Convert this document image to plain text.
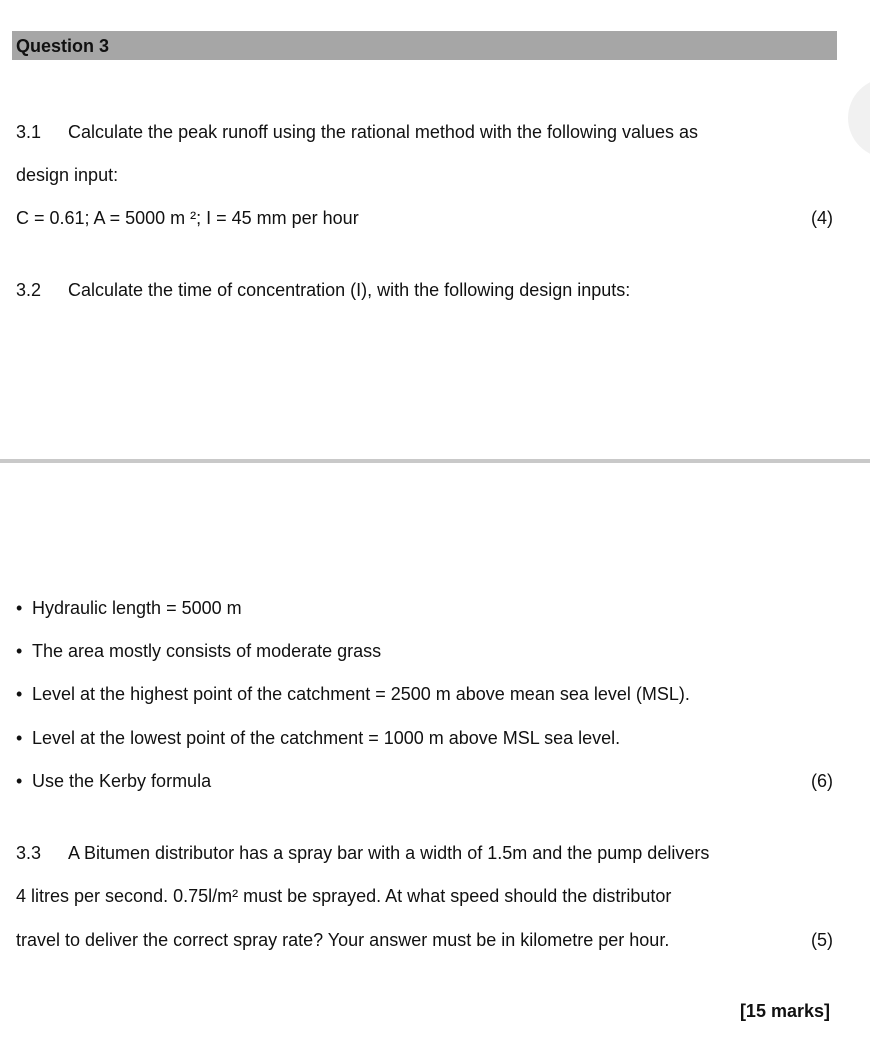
Question 3
3.1 Calculate the peak runoff using the rational method with the following values as
design input:
C = 0.61; A = 5000 m ²; I = 45 mm per hour	(4)
3.2 Calculate the time of concentration (I), with the following design inputs:
• Hydraulic length = 5000 m
• The area mostly consists of moderate grass
• Level at the highest point of the catchment = 2500 m above mean sea level (MSL).
• Level at the lowest point of the catchment = 1000 m above MSL sea level.
• Use the Kerby formula	(6)
3.3 A Bitumen distributor has a spray bar with a width of 1.5m and the pump delivers
4 litres per second. 0.75l/m² must be sprayed. At what speed should the distributor
travel to deliver the correct spray rate? Your answer must be in kilometre per hour.	(5)
[15 marks]
